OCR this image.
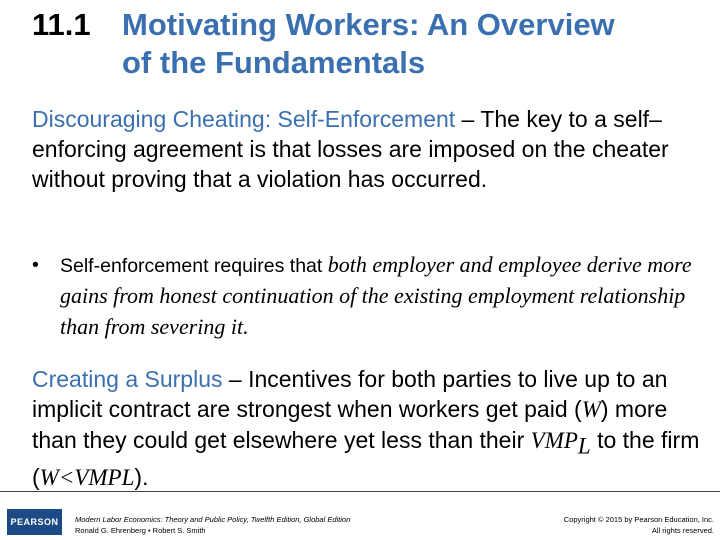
11.1	Motivating Workers: An Overview
of the Fundamentals
Discouraging Cheating: Self-Enforcement – The key to a self–enforcing agreement is that losses are imposed on the cheater without proving that a violation has occurred.
•	Self-enforcement requires that both employer and employee derive more gains from honest continuation of the existing employment relationship than from severing it.
Creating a Surplus – Incentives for both parties to live up to an implicit contract are strongest when workers get paid (W) more than they could get elsewhere yet less than their $VMP_L$ to the firm (W<VMPL).
PEARSON	Modern Labor Economics: Theory and Public Policy, Twelfth Edition, Global Edition
Ronald G. Ehrenberg • Robert S. Smith
Copyright © 2015 by Pearson Education, Inc.
All rights reserved.
